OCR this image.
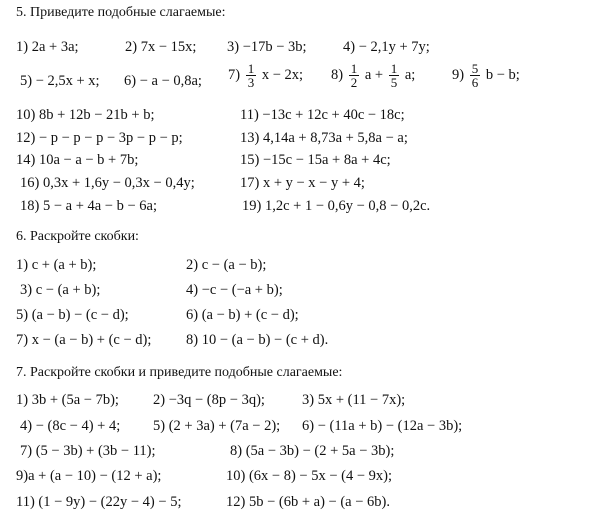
5. Приведите подобные слагаемые:
1) 2a + 3a;	2) 7x − 15x; 3) −17b − 3b;	4) − 2,1y + 7y;
5) − 2,5x + x; 6) − a − 0,8a; $7) \frac{1}{3}$ x − 2x; $8) \frac{1}{2}$ $a + \frac{1}{5} a$;	$9) \frac{5}{6}$ b − b;
10) 8b + 12b − 21b + b;	11) −13c + 12c + 40c − 18c;
12) − p − p − p − 3p − p − p;	13) 4,14a + 8,73a + 5,8a − a;
14) 10a − a − b + 7b;	15) −15c − 15a + 8a + 4c;
16) 0,3x + 1,6y − 0,3x − 0,4y;	17) x + y − x − y + 4;
18) 5 − a + 4a − b − 6a;	19) 1,2c + 1 − 0,6y − 0,8 − 0,2c.
6. Раскройте скобки:
1) c + (a + b);	2) c − (a − b);
3) c − (a + b);	4) −c − (−a + b);
5) (a − b) − (c − d);	6) (a − b) + (c − d);
7) x − (a − b) + (c − d); 8) 10 − (a − b) − (c + d).
7. Раскройте скобки и приведите подобные слагаемые:
1) 3b + (5a − 7b); 2) −3q − (8p − 3q);	3) 5x + (11 − 7x);
4) − (8c − 4) + 4; 5) (2 + 3a) + (7a − 2); 6) − (11a + b) − (12a − 3b);
7) (5 − 3b) + (3b − 11);	8) (5a − 3b) − (2 + 5a − 3b);
9)a + (a − 10) − (12 + a);	10) (6x − 8) − 5x − (4 − 9x);
11) (1 − 9y) − (22y − 4) − 5;	12) 5b − (6b + a) − (a − 6b).
